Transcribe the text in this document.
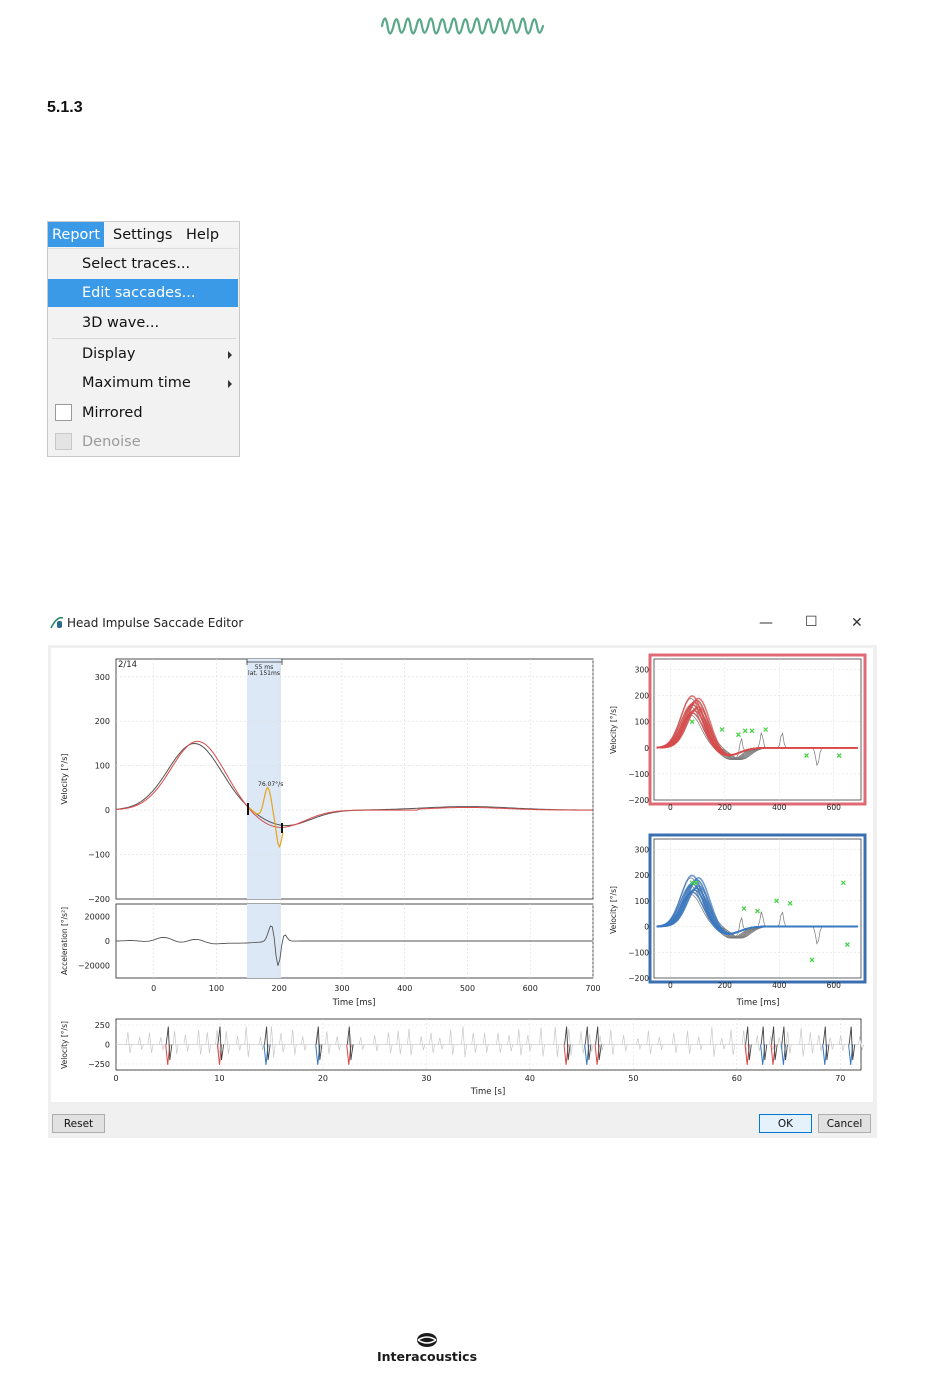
5.1.3
Report Settings Help
Select traces...
Edit saccades...
3D wave...
Display
Maximum time
Mirrored
Denoise
Head Impulse Saccade Editor	— ☐ ✕
55 ms
lat. 151ms
76.07°/s
2/14
300
200
100
0
−100
−200
Velocity [°/s]
20000
0
−20000
Acceleration [°/s²]
0	100	200	300	400	500	600	700
Time [ms]
300
200
100
0
−100
−200
0	200	400	600
Velocity [°/s]
300
200
100
0
−100
−200
0	200	400	600
Velocity [°/s]
Time [ms]
250
0
−250
0	10	20	30	40	50	60	70
Velocity [°/s]
Time [s]
Reset	OK	Cancel
Interacoustics
